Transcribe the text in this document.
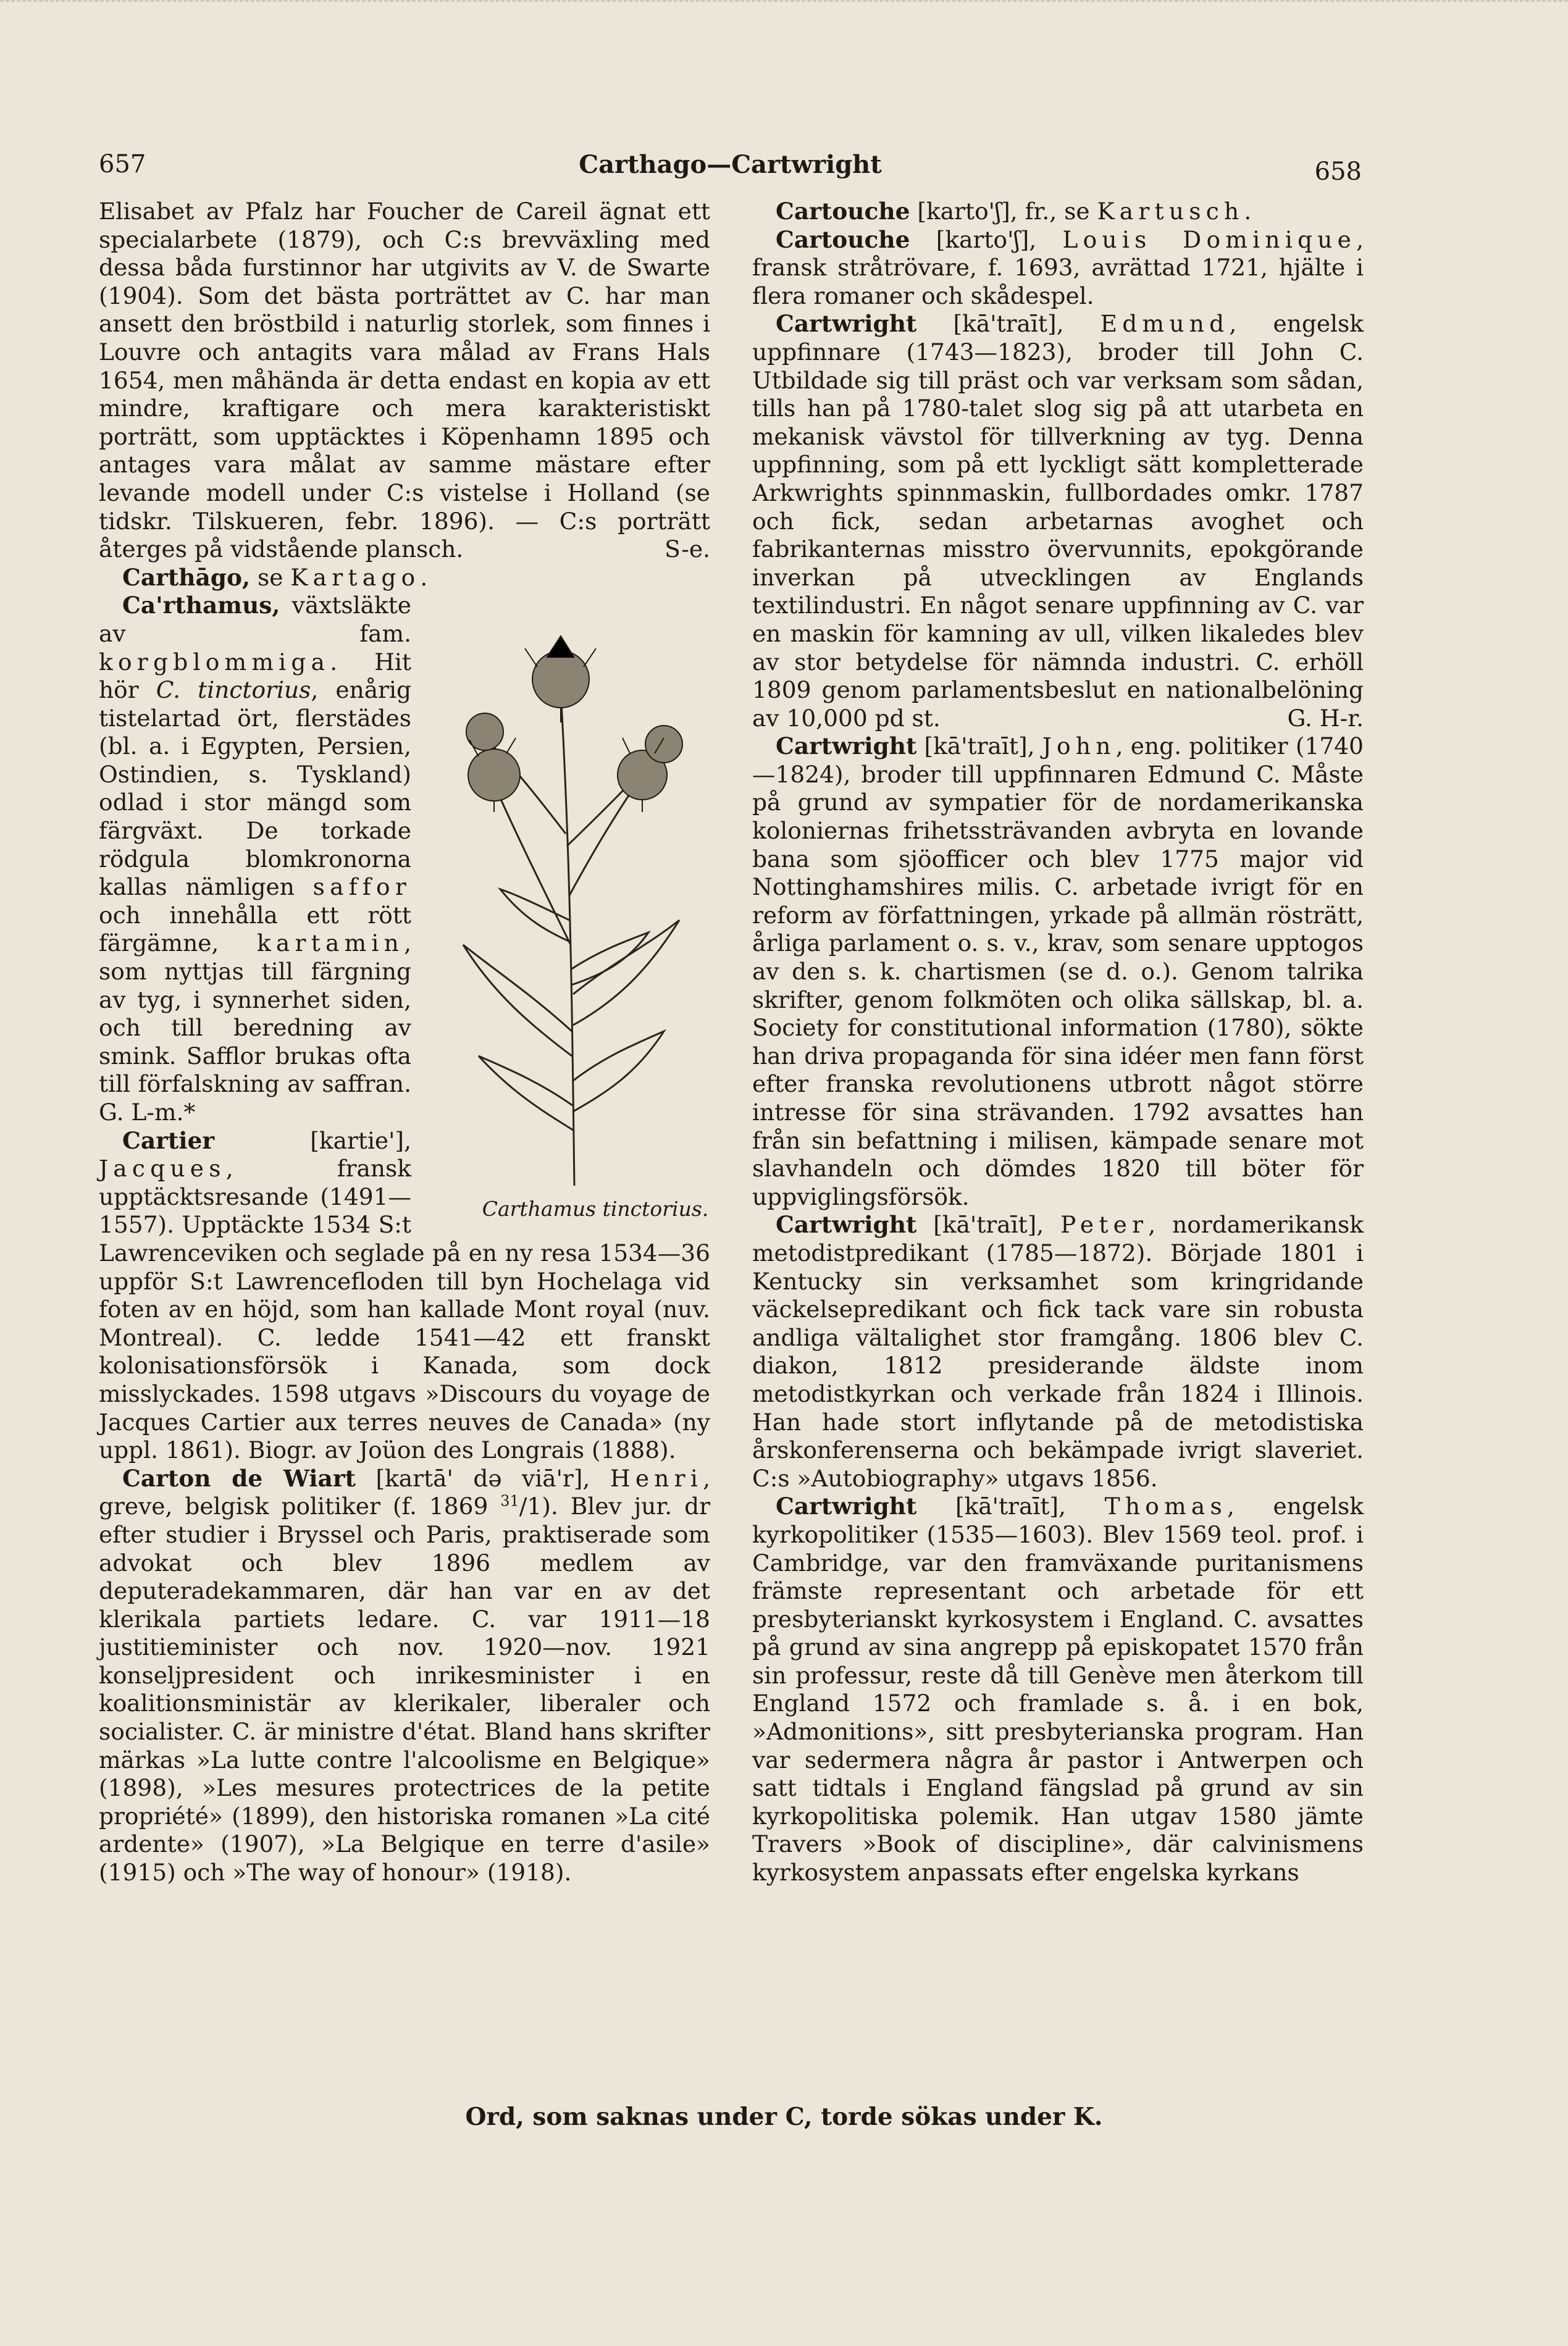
657	Carthago—Cartwright	658

Elisabet av Pfalz har Foucher de Careil ägnat ett specialarbete (1879), och C:s brevväxling med dessa båda furstinnor har utgivits av V. de Swarte (1904). Som det bästa porträttet av C. har man ansett den bröstbild i naturlig storlek, som finnes i Louvre och antagits vara målad av Frans Hals 1654, men måhända är detta endast en kopia av ett mindre, kraftigare och mera karakteristiskt porträtt, som upptäcktes i Köpenhamn 1895 och antages vara målat av samme mästare efter levande modell under C:s vistelse i Holland (se tidskr. Tilskueren, febr. 1896). — C:s porträtt återges på vidstående plansch.	S-e.

Carthāgo, se Kartago.

Carthamus tinctorius.
Ca'rthamus, växtsläkte av fam. korgblommiga. Hit hör C. tinctorius, enårig tistelartad ört, flerstädes (bl. a. i Egypten, Persien, Ostindien, s. Tyskland) odlad i stor mängd som färgväxt. De torkade rödgula blomkronorna kallas nämligen saffor och innehålla ett rött färgämne, kartamin, som nyttjas till färgning av tyg, i synnerhet siden, och till beredning av smink. Safflor brukas ofta till förfalskning av saffran. G. L-m.*

Cartier	[kartie'], Jacques, fransk upptäcktsresande (1491—1557). Upptäckte 1534 S:t Lawrenceviken och seglade på en ny resa 1534—36 uppför S:t Lawrencefloden till byn Hochelaga vid foten av en höjd, som han kallade Mont royal (nuv. Montreal). C. ledde 1541—42 ett franskt kolonisationsförsök i Kanada, som dock misslyckades. 1598 utgavs »Discours du voyage de Jacques Cartier aux terres neuves de Canada» (ny uppl. 1861). Biogr. av Joüon des Longrais (1888).

Carton de Wiart [kartā' də viā'r], Henri, greve, belgisk politiker (f. 1869 $^{31}$/1). Blev jur. dr efter studier i Bryssel och Paris, praktiserade som advokat och blev 1896 medlem av deputeradekammaren, där han var en av det klerikala partiets ledare. C. var 1911—18 justitieminister och nov. 1920—nov. 1921 konseljpresident och inrikesminister i en koalitionsministär av klerikaler, liberaler och socialister. C. är ministre d'état. Bland hans skrifter märkas »La lutte contre l'alcoolisme en Belgique» (1898), »Les mesures protectrices de la petite propriété» (1899), den historiska romanen »La cité ardente» (1907), »La Belgique en terre d'asile» (1915) och »The way of honour» (1918).

Cartouche [karto'ʃ], fr., se Kartusch.

Cartouche [karto'ʃ], Louis Dominique, fransk stråtrövare, f. 1693, avrättad 1721, hjälte i flera romaner och skådespel.

Cartwright [kā'traīt], Edmund, engelsk uppfinnare (1743—1823), broder till John C. Utbildade sig till präst och var verksam som sådan, tills han på 1780-talet slog sig på att utarbeta en mekanisk vävstol för tillverkning av tyg. Denna uppfinning, som på ett lyckligt sätt kompletterade Arkwrights spinnmaskin, fullbordades omkr. 1787 och fick, sedan arbetarnas avoghet och fabrikanternas misstro övervunnits, epokgörande inverkan på utvecklingen av Englands textilindustri. En något senare uppfinning av C. var en maskin för kamning av ull, vilken likaledes blev av stor betydelse för nämnda industri. C. erhöll 1809 genom parlamentsbeslut en nationalbelöning av 10,000 pd st.	G. H-r.

Cartwright [kā'traīt], John, eng. politiker (1740—1824), broder till uppfinnaren Edmund C. Måste på grund av sympatier för de nordamerikanska koloniernas frihetssträvanden avbryta en lovande bana som sjöofficer och blev 1775 major vid Nottinghamshires milis. C. arbetade ivrigt för en reform av författningen, yrkade på allmän rösträtt, årliga parlament o. s. v., krav, som senare upptogos av den s. k. chartismen (se d. o.). Genom talrika skrifter, genom folkmöten och olika sällskap, bl. a. Society for constitutional information (1780), sökte han driva propaganda för sina idéer men fann först efter franska revolutionens utbrott något större intresse för sina strävanden. 1792 avsattes han från sin befattning i milisen, kämpade senare mot slavhandeln och dömdes 1820 till böter för uppviglingsförsök.

Cartwright [kā'traīt], Peter, nordamerikansk metodistpredikant (1785—1872). Började 1801 i Kentucky sin verksamhet som kringridande väckelsepredikant och fick tack vare sin robusta andliga vältalighet stor framgång. 1806 blev C. diakon, 1812 presiderande äldste inom metodistkyrkan och verkade från 1824 i Illinois. Han hade stort inflytande på de metodistiska årskonferenserna och bekämpade ivrigt slaveriet. C:s »Autobiography» utgavs 1856.

Cartwright [kā'traīt], Thomas, engelsk kyrkopolitiker (1535—1603). Blev 1569 teol. prof. i Cambridge, var den framväxande puritanismens främste representant och arbetade för ett presbyterianskt kyrkosystem i England. C. avsattes på grund av sina angrepp på episkopatet 1570 från sin professur, reste då till Genève men återkom till England 1572 och framlade s. å. i en bok, »Admonitions», sitt presbyterianska program. Han var sedermera några år pastor i Antwerpen och satt tidtals i England fängslad på grund av sin kyrkopolitiska polemik. Han utgav 1580 jämte Travers »Book of discipline», där calvinismens kyrkosystem anpassats efter engelska kyrkans

Ord, som saknas under C, torde sökas under K.
